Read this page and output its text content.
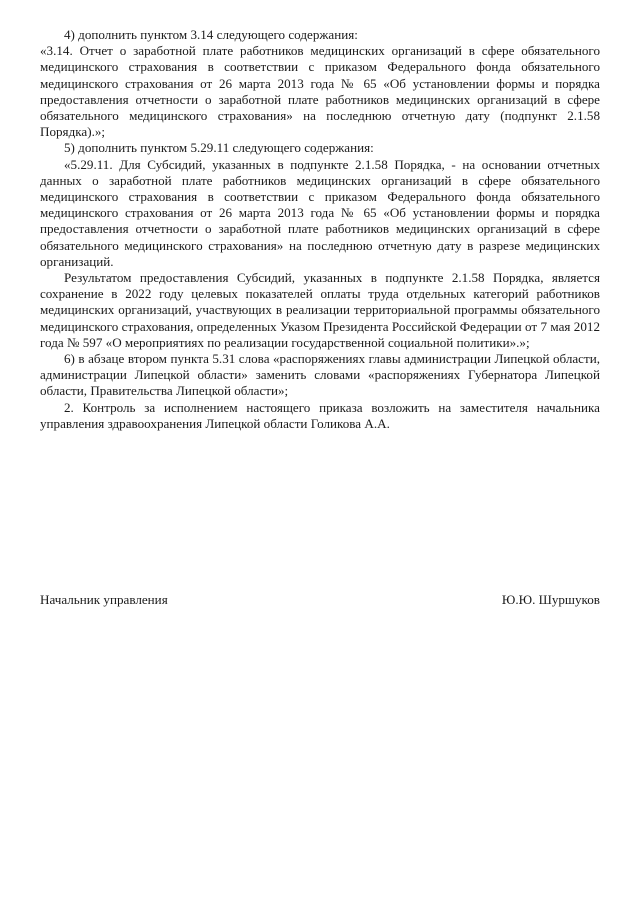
4) дополнить пунктом 3.14 следующего содержания:

«3.14. Отчет о заработной плате работников медицинских организаций в сфере обязательного медицинского страхования в соответствии с приказом Федерального фонда обязательного медицинского страхования от 26 марта 2013 года № 65 «Об установлении формы и порядка предоставления отчетности о заработной плате работников медицинских организаций в сфере обязательного медицинского страхования» на последнюю отчетную дату (подпункт 2.1.58 Порядка).»;

5) дополнить пунктом 5.29.11 следующего содержания:

«5.29.11. Для Субсидий, указанных в подпункте 2.1.58 Порядка, - на основании отчетных данных о заработной плате работников медицинских организаций в сфере обязательного медицинского страхования в соответствии с приказом Федерального фонда обязательного медицинского страхования от 26 марта 2013 года № 65 «Об установлении формы и порядка предоставления отчетности о заработной плате работников медицинских организаций в сфере обязательного медицинского страхования» на последнюю отчетную дату в разрезе медицинских организаций.

Результатом предоставления Субсидий, указанных в подпункте 2.1.58 Порядка, является сохранение в 2022 году целевых показателей оплаты труда отдельных категорий работников медицинских организаций, участвующих в реализации территориальной программы обязательного медицинского страхования, определенных Указом Президента Российской Федерации от 7 мая 2012 года № 597 «О мероприятиях по реализации государственной социальной политики».»;

6) в абзаце втором пункта 5.31 слова «распоряжениях главы администрации Липецкой области, администрации Липецкой области» заменить словами «распоряжениях Губернатора Липецкой области, Правительства Липецкой области»;

2. Контроль за исполнением настоящего приказа возложить на заместителя начальника управления здравоохранения Липецкой области Голикова А.А.

Начальник управления	Ю.Ю. Шуршуков
